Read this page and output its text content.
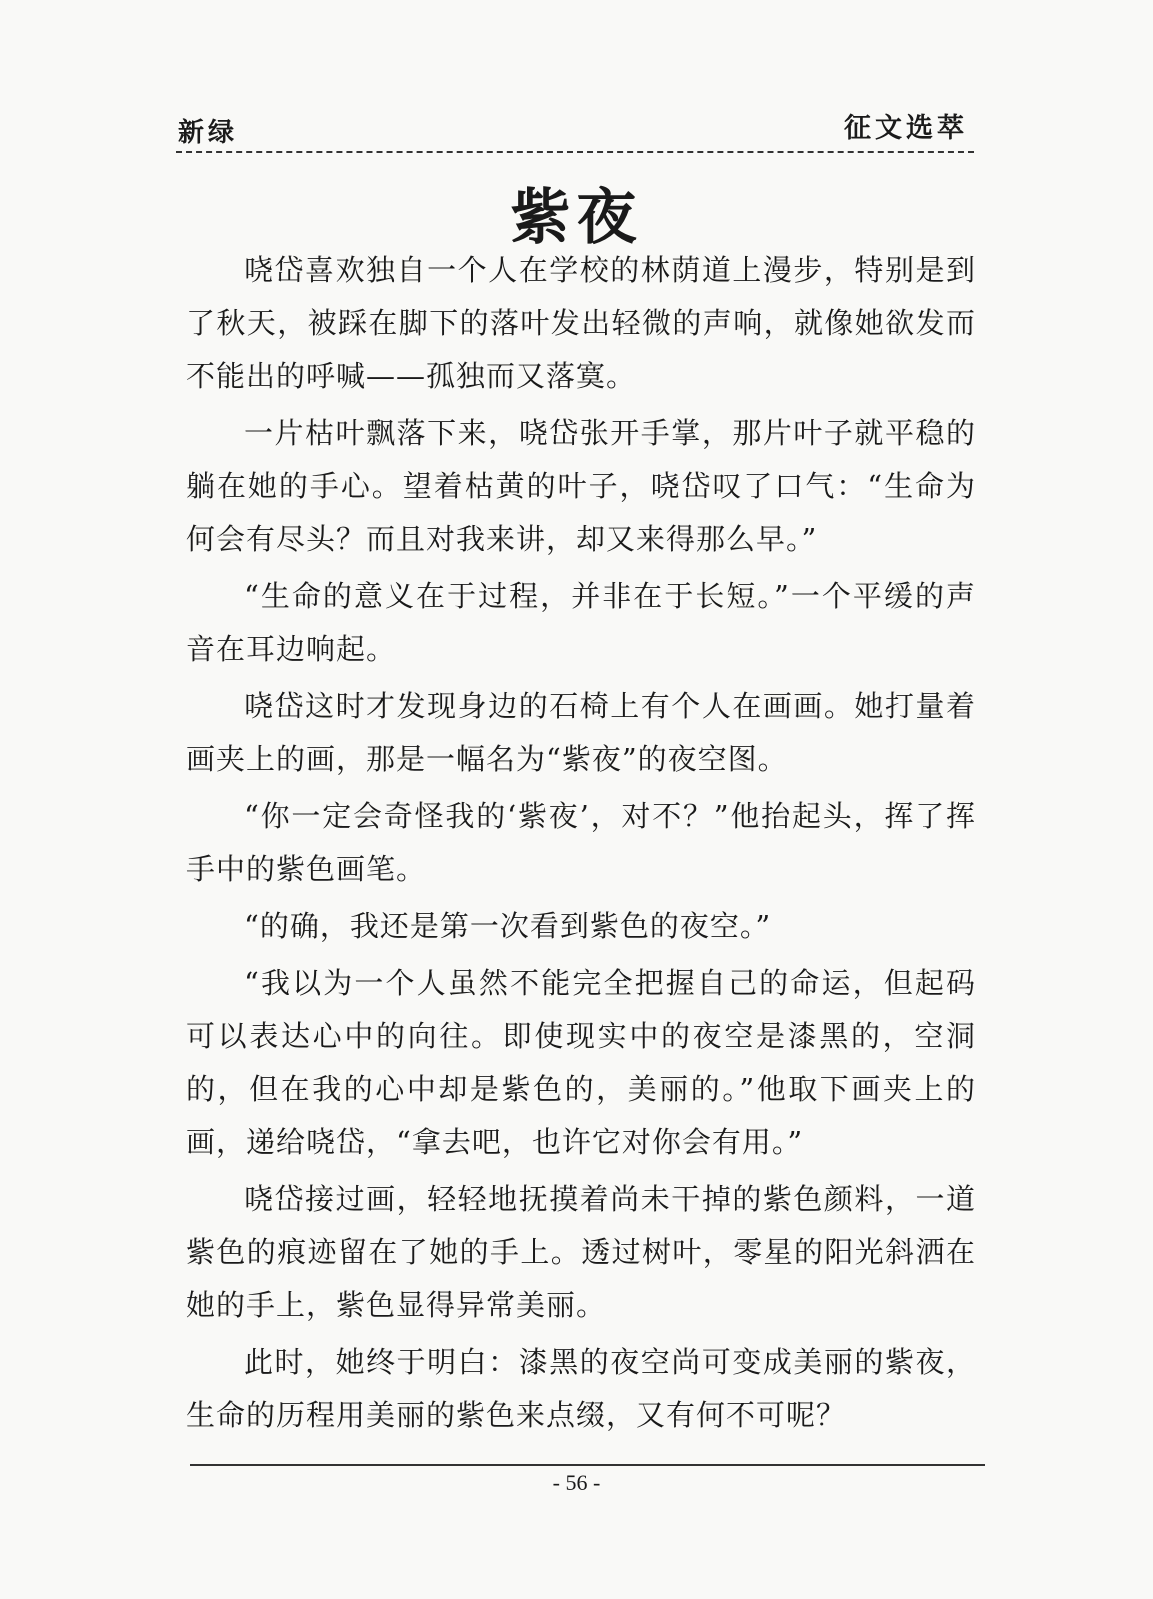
新绿	征文选萃
紫夜

哓岱喜欢独自一个人在学校的林荫道上漫步，特别是到了秋天，被踩在脚下的落叶发出轻微的声响，就像她欲发而不能出的呼喊——孤独而又落寞。

一片枯叶飘落下来，哓岱张开手掌，那片叶子就平稳的躺在她的手心。望着枯黄的叶子，哓岱叹了口气：“生命为何会有尽头？而且对我来讲，却又来得那么早。”

“生命的意义在于过程，并非在于长短。”一个平缓的声音在耳边响起。

哓岱这时才发现身边的石椅上有个人在画画。她打量着画夹上的画，那是一幅名为“紫夜”的夜空图。

“你一定会奇怪我的‘紫夜’，对不？”他抬起头，挥了挥手中的紫色画笔。

“的确，我还是第一次看到紫色的夜空。”

“我以为一个人虽然不能完全把握自己的命运，但起码可以表达心中的向往。即使现实中的夜空是漆黑的，空洞的，但在我的心中却是紫色的，美丽的。”他取下画夹上的画，递给哓岱，“拿去吧，也许它对你会有用。”

哓岱接过画，轻轻地抚摸着尚未干掉的紫色颜料，一道紫色的痕迹留在了她的手上。透过树叶，零星的阳光斜洒在她的手上，紫色显得异常美丽。

此时，她终于明白：漆黑的夜空尚可变成美丽的紫夜，生命的历程用美丽的紫色来点缀，又有何不可呢？

- 56 -
